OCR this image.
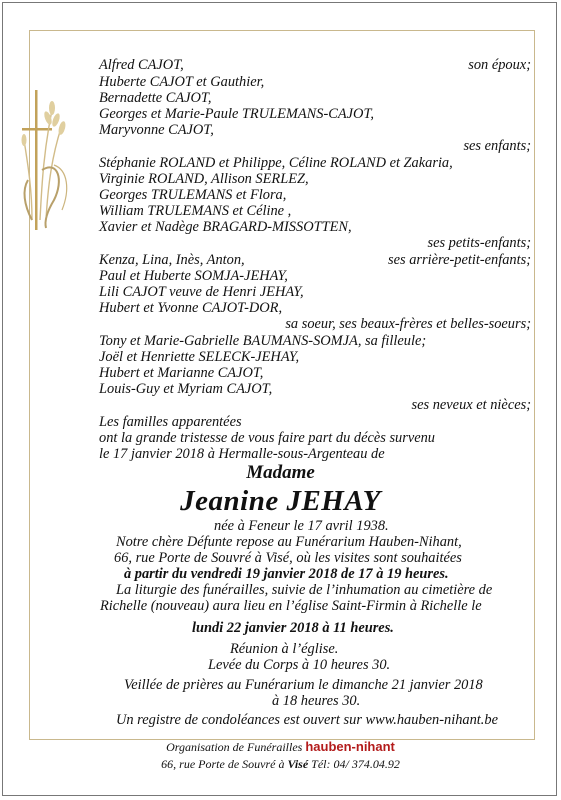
Alfred CAJOT,	son époux;
Huberte CAJOT et Gauthier,
Bernadette CAJOT,
Georges et Marie-Paule TRULEMANS-CAJOT,
Maryvonne CAJOT,
ses enfants;
Stéphanie ROLAND et Philippe, Céline ROLAND et Zakaria,
Virginie ROLAND, Allison SERLEZ,
Georges TRULEMANS et Flora,
William TRULEMANS et Céline ,
Xavier et Nadège BRAGARD-MISSOTTEN,
ses petits-enfants;
Kenza, Lina, Inès, Anton,	ses arrière-petit-enfants;
Paul et Huberte SOMJA-JEHAY,
Lili CAJOT veuve de Henri JEHAY,
Hubert et Yvonne CAJOT-DOR,
sa soeur, ses beaux-frères et belles-soeurs;
Tony et Marie-Gabrielle BAUMANS-SOMJA, sa filleule;
Joël et Henriette SELECK-JEHAY,
Hubert et Marianne CAJOT,
Louis-Guy et Myriam CAJOT,
ses neveux et nièces;
Les familles apparentées
ont la grande tristesse de vous faire part du décès survenu
le 17 janvier 2018 à Hermalle-sous-Argenteau de
Madame
Jeanine JEHAY
née à Feneur le 17 avril 1938.
Notre chère Défunte repose au Funérarium Hauben-Nihant,
66, rue Porte de Souvré à Visé, où les visites sont souhaitées
à partir du vendredi 19 janvier 2018 de 17 à 19 heures.
La liturgie des funérailles, suivie de l’inhumation au cimetière de
Richelle (nouveau) aura lieu en l’église Saint-Firmin à Richelle le
lundi 22 janvier 2018 à 11 heures.
Réunion à l’église.
Levée du Corps à 10 heures 30.
Veillée de prières au Funérarium le dimanche 21 janvier 2018
à 18 heures 30.
Un registre de condoléances est ouvert sur www.hauben-nihant.be
Organisation de Funérailles hauben-nihant
66, rue Porte de Souvré à Visé Tél: 04/ 374.04.92
